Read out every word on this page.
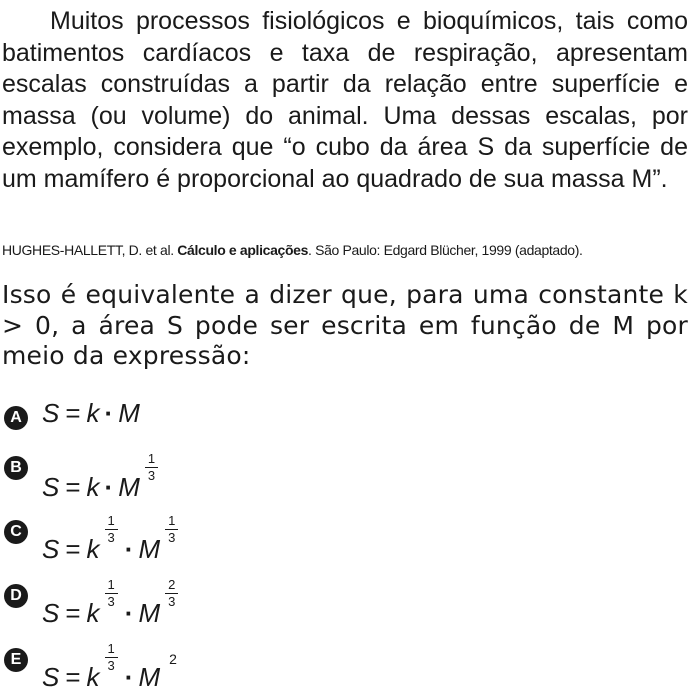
Muitos processos fisiológicos e bioquímicos, tais como batimentos cardíacos e taxa de respiração, apresentam escalas construídas a partir da relação entre superfície e massa (ou volume) do animal. Uma dessas escalas, por exemplo, considera que “o cubo da área S da superfície de um mamífero é proporcional ao quadrado de sua massa M”.

HUGHES-HALLETT, D. et al. Cálculo e aplicações. São Paulo: Edgard Blücher, 1999 (adaptado).

Isso é equivalente a dizer que, para uma constante k > 0, a área S pode ser escrita em função de M por meio da expressão:

A S = k · M
B
S = k · M
$\frac{1}{3}$
C
S = k
$\frac{1}{3}$
· M
$\frac{1}{3}$
D
S = k
$\frac{1}{3}$
· M
$\frac{2}{3}$
E
S = k
$\frac{1}{3}$
· M2
